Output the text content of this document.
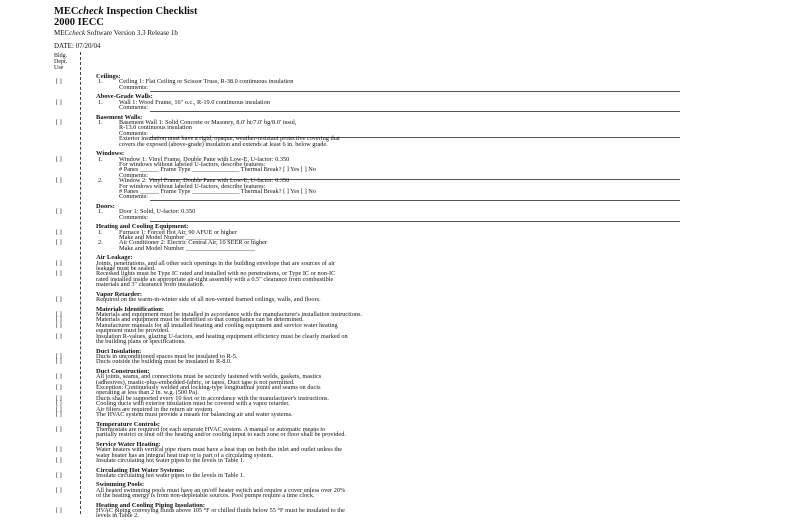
MECcheck Inspection Checklist
2000 IECC
MECcheck Software Version 3.3 Release 1b
DATE: 07/20/04
Bldg.
Dept.
Use
Ceilings:
[ ]	1.	Ceiling 1: Flat Ceiling or Scissor Truss, R-38.0 continuous insulation
Comments:
Above-Grade Walls:
[ ]	1.	Wall 1: Wood Frame, 16" o.c., R-19.0 continuous insulation
Comments:
Basement Walls:
[ ]	1.	Basement Wall 1: Solid Concrete or Masonry, 8.0' ht/7.0' bg/8.0' insul,
R-13.0 continuous insulation
Comments:
Exterior insulation must have a rigid, opaque, weather-resistant protective covering that
covers the exposed (above-grade) insulation and extends at least 6 in. below grade.
Windows:
[ ]	1.	Window 1: Vinyl Frame, Double Pane with Low-E, U-factor: 0.350
For windows without labeled U-factors, describe features:
# Panes ______ Frame Type _______________ Thermal Break? [ ] Yes [ ] No
Comments:
[ ]	2.	Window 2: Vinyl Frame, Double Pane with Low-E, U-factor: 0.350
For windows without labeled U-factors, describe features:
# Panes ______ Frame Type _______________ Thermal Break? [ ] Yes [ ] No
Comments:
Doors:
[ ]	1.	Door 1: Solid, U-factor: 0.350
Comments:
Heating and Cooling Equipment:
[ ]	1.	Furnace 1: Forced Hot Air, 90 AFUE or higher
Make and Model Number ______________________
[ ]	2.	Air Conditioner 2: Electric Central Air, 10 SEER or higher
Make and Model Number ______________________
Air Leakage:
[ ]	Joints, penetrations, and all other such openings in the building envelope that are sources of air
leakage must be sealed.
[ ]	Recessed lights must be Type IC rated and installed with no penetrations, or Type IC or non-IC
rated installed inside an appropriate air-tight assembly with a 0.5" clearance from combustible
materials and 3" clearance from insulation.
Vapor Retarder:
[ ]	Required on the warm-in-winter side of all non-vented framed ceilings, walls, and floors.
Materials Identification:
[ ]	Materials and equipment must be installed in accordance with the manufacturer's installation instructions.
[ ]	Materials and equipment must be identified so that compliance can be determined.
[ ]	Manufacturer manuals for all installed heating and cooling equipment and service water heating
equipment must be provided.
[ ]	Insulation R-values, glazing U-factors, and heating equipment efficiency must be clearly marked on
the building plans or specifications.
Duct Insulation:
[ ]	Ducts in unconditioned spaces must be insulated to R-5.
[ ]	Ducts outside the building must be insulated to R-8.0.
Duct Construction:
[ ]	All joints, seams, and connections must be securely fastened with welds, gaskets, mastics
(adhesives), mastic-plus-embedded-fabric, or tapes. Duct tape is not permitted.
[ ]	Exception: Continuously welded and locking-type longitudinal joints and seams on ducts
operating at less than 2 in. w.g. (500 Pa).
[ ]	Ducts shall be supported every 10 feet or in accordance with the manufacturer's instructions.
[ ]	Cooling ducts with exterior insulation must be covered with a vapor retarder.
[ ]	Air filters are required in the return air system.
[ ]	The HVAC system must provide a means for balancing air and water systems.
Temperature Controls:
[ ]	Thermostats are required for each separate HVAC system. A manual or automatic means to
partially restrict or shut off the heating and/or cooling input to each zone or floor shall be provided.
Service Water Heating:
[ ]	Water heaters with vertical pipe risers must have a heat trap on both the inlet and outlet unless the
water heater has an integral heat trap or is part of a circulating system.
[ ]	Insulate circulating hot water pipes to the levels in Table 1.
Circulating Hot Water Systems:
[ ]	Insulate circulating hot water pipes to the levels in Table 1.
Swimming Pools:
[ ]	All heated swimming pools must have an on/off heater switch and require a cover unless over 20%
of the heating energy is from non-depletable sources. Pool pumps require a time clock.
Heating and Cooling Piping Insulation:
[ ]	HVAC piping conveying fluids above 105 °F or chilled fluids below 55 °F must be insulated to the
levels in Table 2.
